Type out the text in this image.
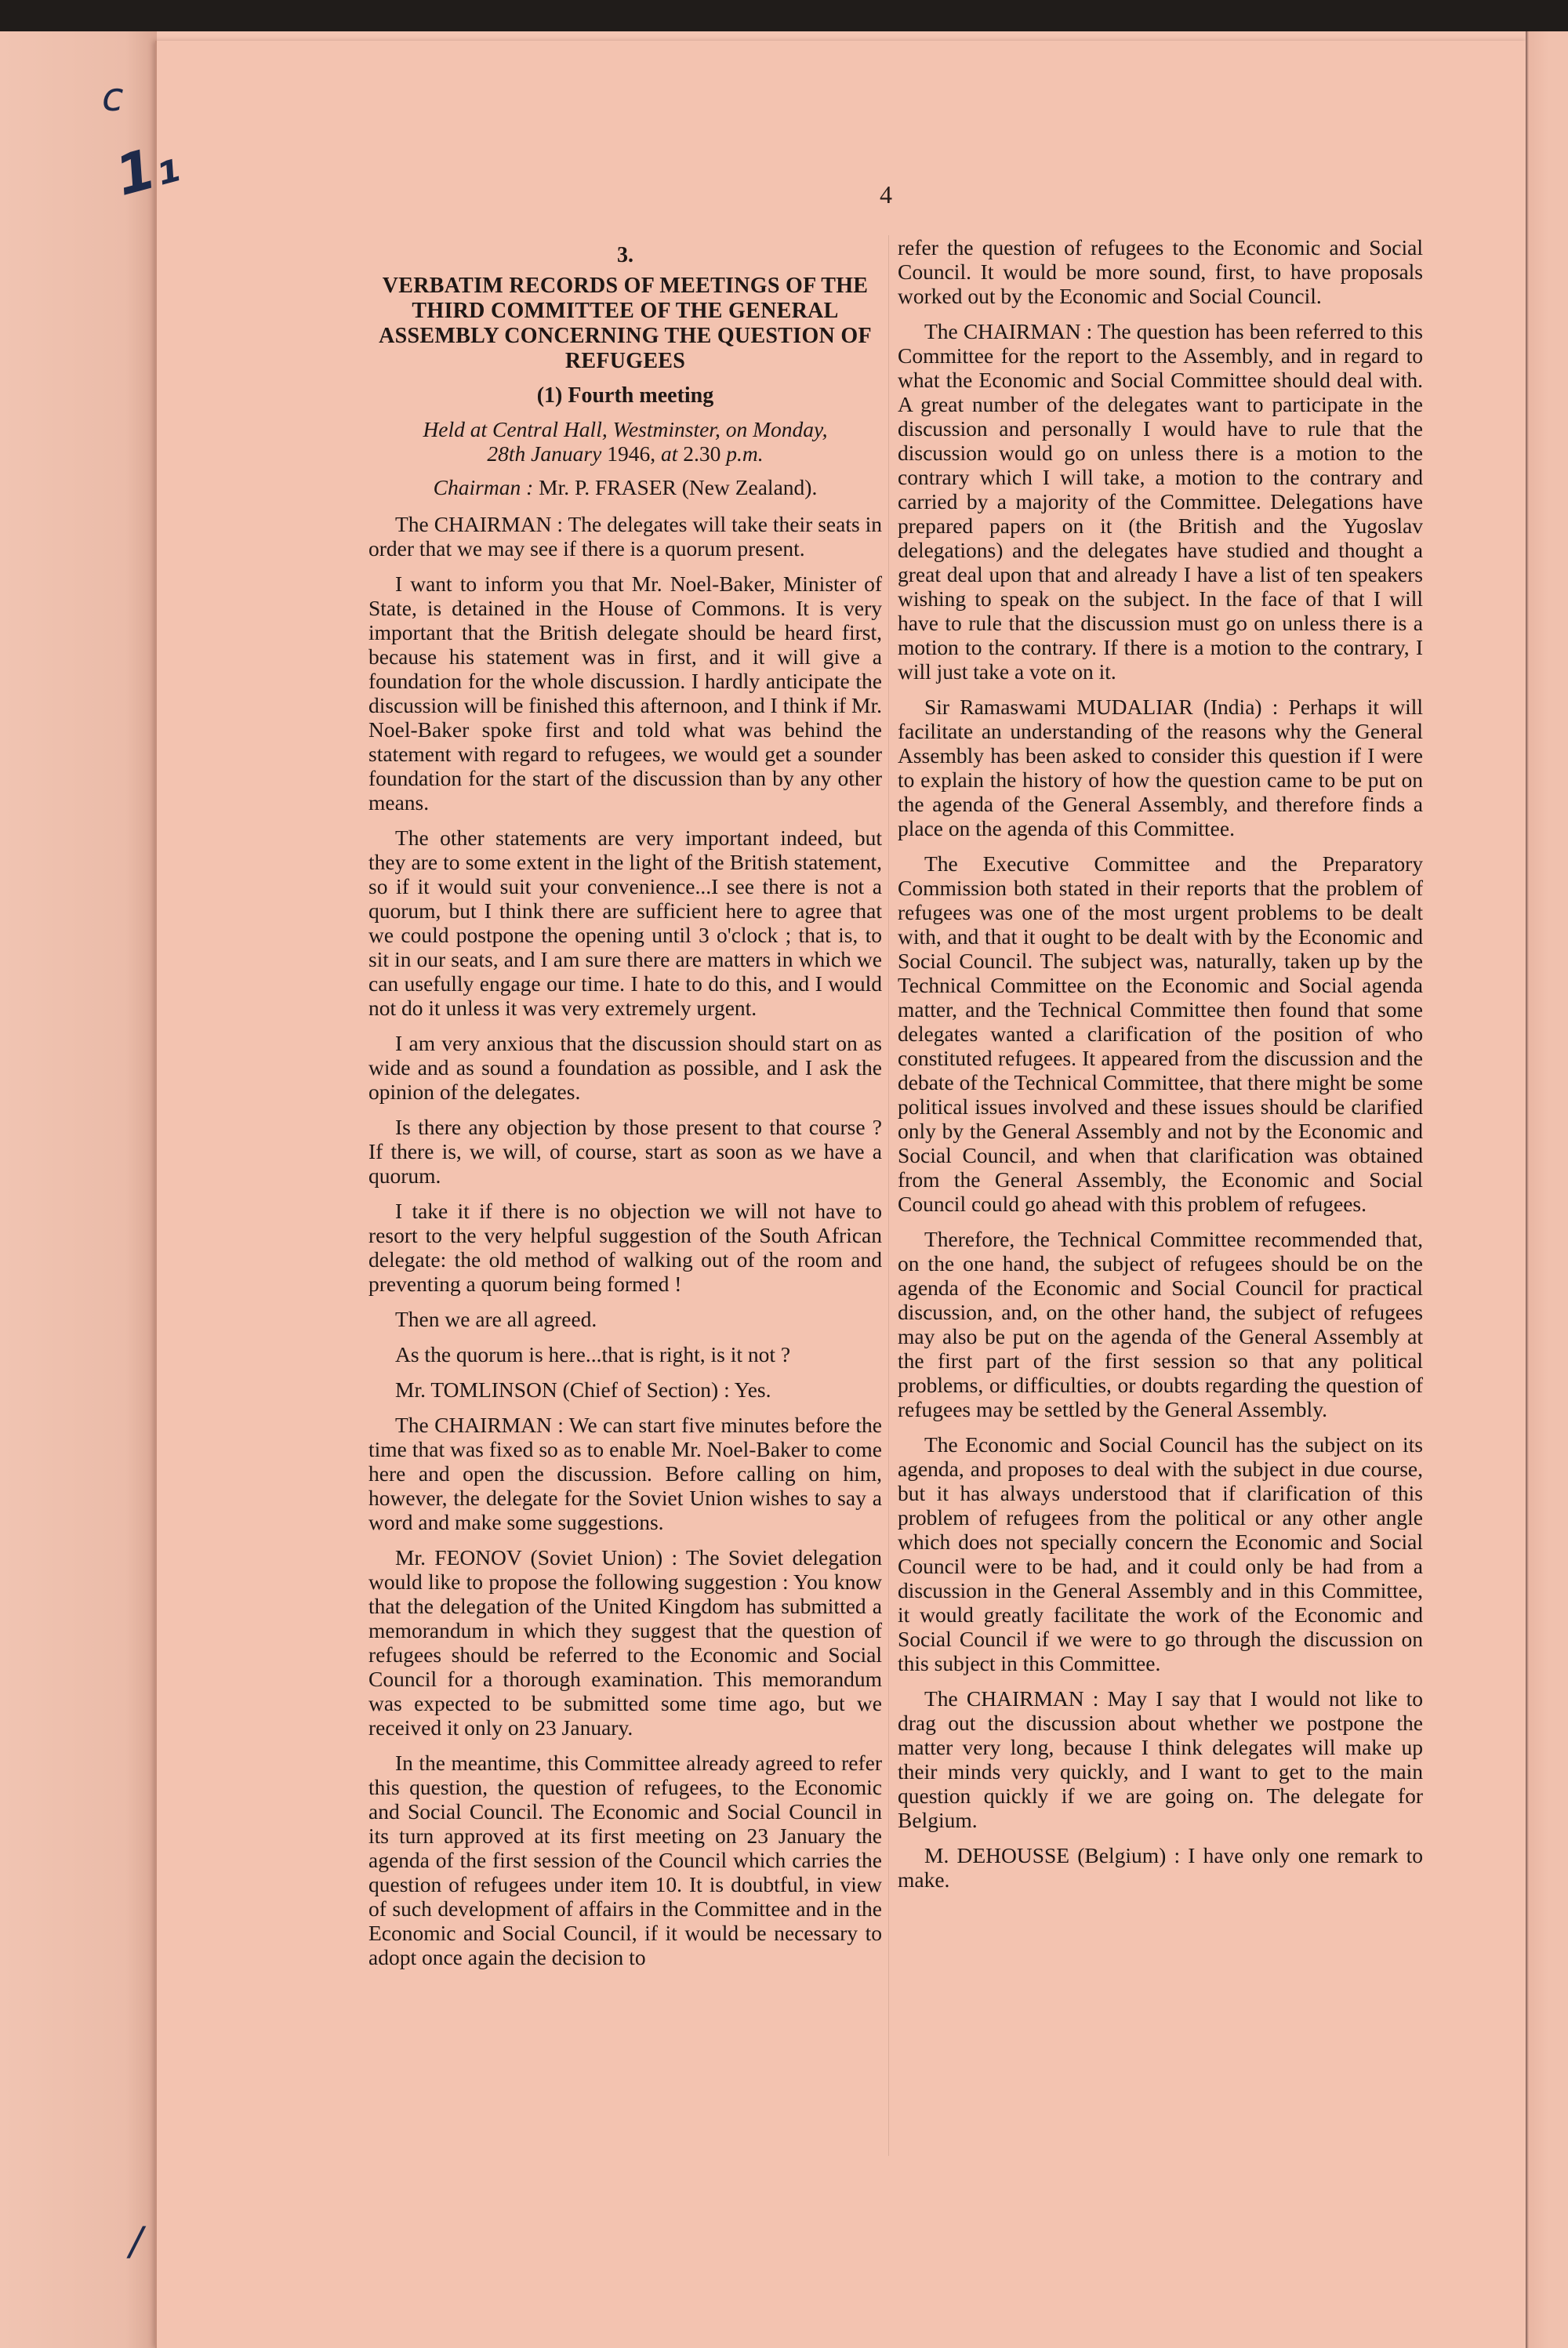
c
1₁
/
4
3.
VERBATIM RECORDS OF MEETINGS OF THE
THIRD COMMITTEE OF THE GENERAL
ASSEMBLY CONCERNING THE QUESTION OF
REFUGEES
(1) Fourth meeting
Held at Central Hall, Westminster, on Monday,
28th January 1946, at 2.30 p.m.
Chairman : Mr. P. FRASER (New Zealand).

The CHAIRMAN : The delegates will take their seats in order that we may see if there is a quorum present.

I want to inform you that Mr. Noel-Baker, Minister of State, is detained in the House of Commons. It is very important that the British delegate should be heard first, because his statement was in first, and it will give a foundation for the whole discussion. I hardly anticipate the discussion will be finished this afternoon, and I think if Mr. Noel-Baker spoke first and told what was behind the statement with regard to refugees, we would get a sounder foundation for the start of the discussion than by any other means.

The other statements are very important indeed, but they are to some extent in the light of the British statement, so if it would suit your convenience...I see there is not a quorum, but I think there are sufficient here to agree that we could postpone the opening until 3 o'clock ; that is, to sit in our seats, and I am sure there are matters in which we can usefully engage our time. I hate to do this, and I would not do it unless it was very extremely urgent.

I am very anxious that the discussion should start on as wide and as sound a foundation as possible, and I ask the opinion of the delegates.

Is there any objection by those present to that course ? If there is, we will, of course, start as soon as we have a quorum.

I take it if there is no objection we will not have to resort to the very helpful suggestion of the South African delegate: the old method of walking out of the room and preventing a quorum being formed !

Then we are all agreed.

As the quorum is here...that is right, is it not ?

Mr. TOMLINSON (Chief of Section) : Yes.

The CHAIRMAN : We can start five minutes before the time that was fixed so as to enable Mr. Noel-Baker to come here and open the discussion. Before calling on him, however, the delegate for the Soviet Union wishes to say a word and make some suggestions.

Mr. FEONOV (Soviet Union) : The Soviet delegation would like to propose the following suggestion : You know that the delegation of the United Kingdom has submitted a memorandum in which they suggest that the question of refugees should be referred to the Economic and Social Council for a thorough examination. This memorandum was expected to be submitted some time ago, but we received it only on 23 January.

In the meantime, this Committee already agreed to refer this question, the question of refugees, to the Economic and Social Council. The Economic and Social Council in its turn approved at its first meeting on 23 January the agenda of the first session of the Council which carries the question of refugees under item 10. It is doubtful, in view of such development of affairs in the Committee and in the Economic and Social Council, if it would be necessary to adopt once again the decision to

refer the question of refugees to the Economic and Social Council. It would be more sound, first, to have proposals worked out by the Economic and Social Council.

The CHAIRMAN : The question has been referred to this Committee for the report to the Assembly, and in regard to what the Economic and Social Committee should deal with. A great number of the delegates want to participate in the discussion and personally I would have to rule that the discussion would go on unless there is a motion to the contrary which I will take, a motion to the contrary and carried by a majority of the Committee. Delegations have prepared papers on it (the British and the Yugoslav delegations) and the delegates have studied and thought a great deal upon that and already I have a list of ten speakers wishing to speak on the subject. In the face of that I will have to rule that the discussion must go on unless there is a motion to the contrary. If there is a motion to the contrary, I will just take a vote on it.

Sir Ramaswami MUDALIAR (India) : Perhaps it will facilitate an understanding of the reasons why the General Assembly has been asked to consider this question if I were to explain the history of how the question came to be put on the agenda of the General Assembly, and therefore finds a place on the agenda of this Committee.

The Executive Committee and the Preparatory Commission both stated in their reports that the problem of refugees was one of the most urgent problems to be dealt with, and that it ought to be dealt with by the Economic and Social Council. The subject was, naturally, taken up by the Technical Committee on the Economic and Social agenda matter, and the Technical Committee then found that some delegates wanted a clarification of the position of who constituted refugees. It appeared from the discussion and the debate of the Technical Committee, that there might be some political issues involved and these issues should be clarified only by the General Assembly and not by the Economic and Social Council, and when that clarification was obtained from the General Assembly, the Economic and Social Council could go ahead with this problem of refugees.

Therefore, the Technical Committee recommended that, on the one hand, the subject of refugees should be on the agenda of the Economic and Social Council for practical discussion, and, on the other hand, the subject of refugees may also be put on the agenda of the General Assembly at the first part of the first session so that any political problems, or difficulties, or doubts regarding the question of refugees may be settled by the General Assembly.

The Economic and Social Council has the subject on its agenda, and proposes to deal with the subject in due course, but it has always understood that if clarification of this problem of refugees from the political or any other angle which does not specially concern the Economic and Social Council were to be had, and it could only be had from a discussion in the General Assembly and in this Committee, it would greatly facilitate the work of the Economic and Social Council if we were to go through the discussion on this subject in this Committee.

The CHAIRMAN : May I say that I would not like to drag out the discussion about whether we postpone the matter very long, because I think delegates will make up their minds very quickly, and I want to get to the main question quickly if we are going on. The delegate for Belgium.

M. DEHOUSSE (Belgium) : I have only one remark to make.
